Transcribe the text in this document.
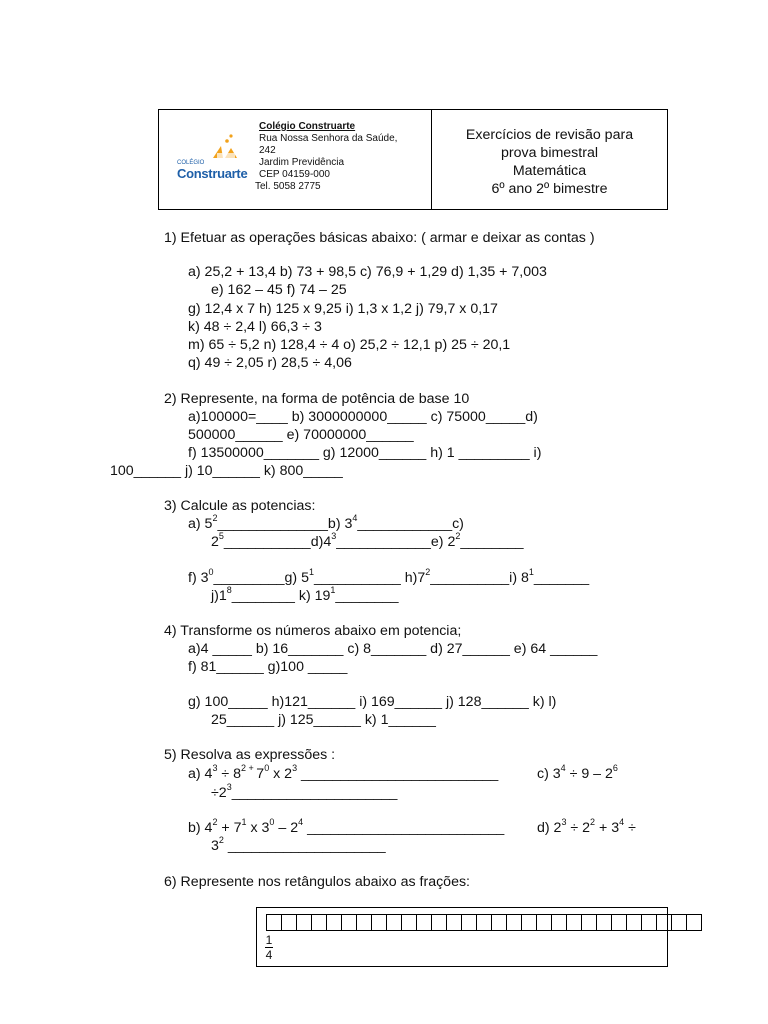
COLÉGIO
Construarte
Colégio Construarte
Rua Nossa Senhora da Saúde,
242
Jardim Previdência
CEP 04159-000
Tel. 5058 2775
Exercícios de revisão para
prova bimestral
Matemática
6º ano 2º bimestre
1) Efetuar as operações básicas abaixo: ( armar e deixar as contas )
a) 25,2 + 13,4 b) 73 + 98,5 c) 76,9 + 1,29 d) 1,35 + 7,003
e) 162 – 45 f) 74 – 25
g) 12,4 x 7 h) 125 x 9,25 i) 1,3 x 1,2 j) 79,7 x 0,17
k) 48 ÷ 2,4 l) 66,3 ÷ 3
m) 65 ÷ 5,2 n) 128,4 ÷ 4 o) 25,2 ÷ 12,1 p) 25 ÷ 20,1
q) 49 ÷ 2,05 r) 28,5 ÷ 4,06
2) Represente, na forma de potência de base 10
a)100000=____ b) 3000000000_____ c) 75000_____d)
500000______ e) 70000000______
f) 13500000_______ g) 12000______ h) 1 _________ i)
100______ j) 10______ k) 800_____
3) Calcule as potencias:
a) $5^2\_\_\_\_\_\_\_\_\_\_\_\_\_\_b$) $3^4\_\_\_\_\_\_\_\_\_\_\_\_c$)
$2^5\_\_\_\_\_\_\_\_\_\_\_d)4^3\_\_\_\_\_\_\_\_\_\_\_\_e$) $2^2\_\_\_\_\_\_\_\_$
f) $3^0\_\_\_\_\_\_\_\_\_g$) $5^1\_\_\_\_\_\_\_\_\_\_\_$ $h)7^2\_\_\_\_\_\_\_\_\_\_i$) $8^1\_\_\_\_\_\_\_$
$j)1^8\_\_\_\_\_\_\_\_$ k) $19^1\_\_\_\_\_\_\_\_$
4) Transforme os números abaixo em potencia;
a)4 _____ b) 16_______ c) 8_______ d) 27______ e) 64 ______
f) 81______ g)100 _____
g) 100_____ h)121______ i) 169______ j) 128______ k) l)
25______ j) 125______ k) 1______
5) Resolva as expressões :
a) $4^3 \div 8^{2 +}$ $7^0$ x $2^3$ _________________________	c) $3^4 \div 9 - 2^6$
$\div 2^3\_\_\_\_\_\_\_\_\_\_\_\_\_\_\_\_\_\_\_\_\_$
b) $4^2 + 7^1$ x $3^0 - 2^4$ _________________________ d) $2^3 \div 2^2 + 3^4$ ÷
$3^2$ ____________________
6) Represente nos retângulos abaixo as frações:
1
4
